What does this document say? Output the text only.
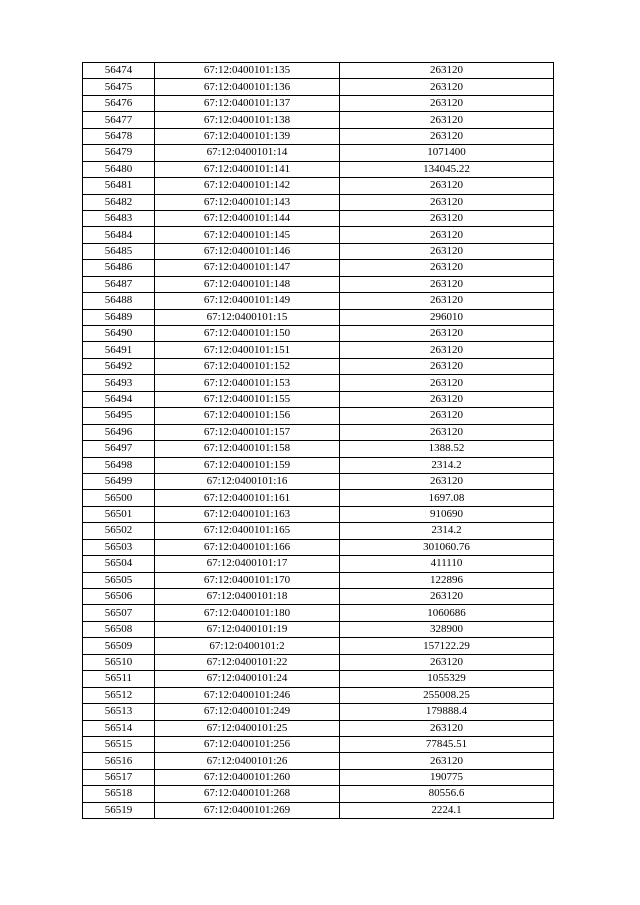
56474	67:12:0400101:135	263120
56475	67:12:0400101:136	263120
56476	67:12:0400101:137	263120
56477	67:12:0400101:138	263120
56478	67:12:0400101:139	263120
56479	67:12:0400101:14	1071400
56480	67:12:0400101:141	134045.22
56481	67:12:0400101:142	263120
56482	67:12:0400101:143	263120
56483	67:12:0400101:144	263120
56484	67:12:0400101:145	263120
56485	67:12:0400101:146	263120
56486	67:12:0400101:147	263120
56487	67:12:0400101:148	263120
56488	67:12:0400101:149	263120
56489	67:12:0400101:15	296010
56490	67:12:0400101:150	263120
56491	67:12:0400101:151	263120
56492	67:12:0400101:152	263120
56493	67:12:0400101:153	263120
56494	67:12:0400101:155	263120
56495	67:12:0400101:156	263120
56496	67:12:0400101:157	263120
56497	67:12:0400101:158	1388.52
56498	67:12:0400101:159	2314.2
56499	67:12:0400101:16	263120
56500	67:12:0400101:161	1697.08
56501	67:12:0400101:163	910690
56502	67:12:0400101:165	2314.2
56503	67:12:0400101:166	301060.76
56504	67:12:0400101:17	411110
56505	67:12:0400101:170	122896
56506	67:12:0400101:18	263120
56507	67:12:0400101:180	1060686
56508	67:12:0400101:19	328900
56509	67:12:0400101:2	157122.29
56510	67:12:0400101:22	263120
56511	67:12:0400101:24	1055329
56512	67:12:0400101:246	255008.25
56513	67:12:0400101:249	179888.4
56514	67:12:0400101:25	263120
56515	67:12:0400101:256	77845.51
56516	67:12:0400101:26	263120
56517	67:12:0400101:260	190775
56518	67:12:0400101:268	80556.6
56519	67:12:0400101:269	2224.1
